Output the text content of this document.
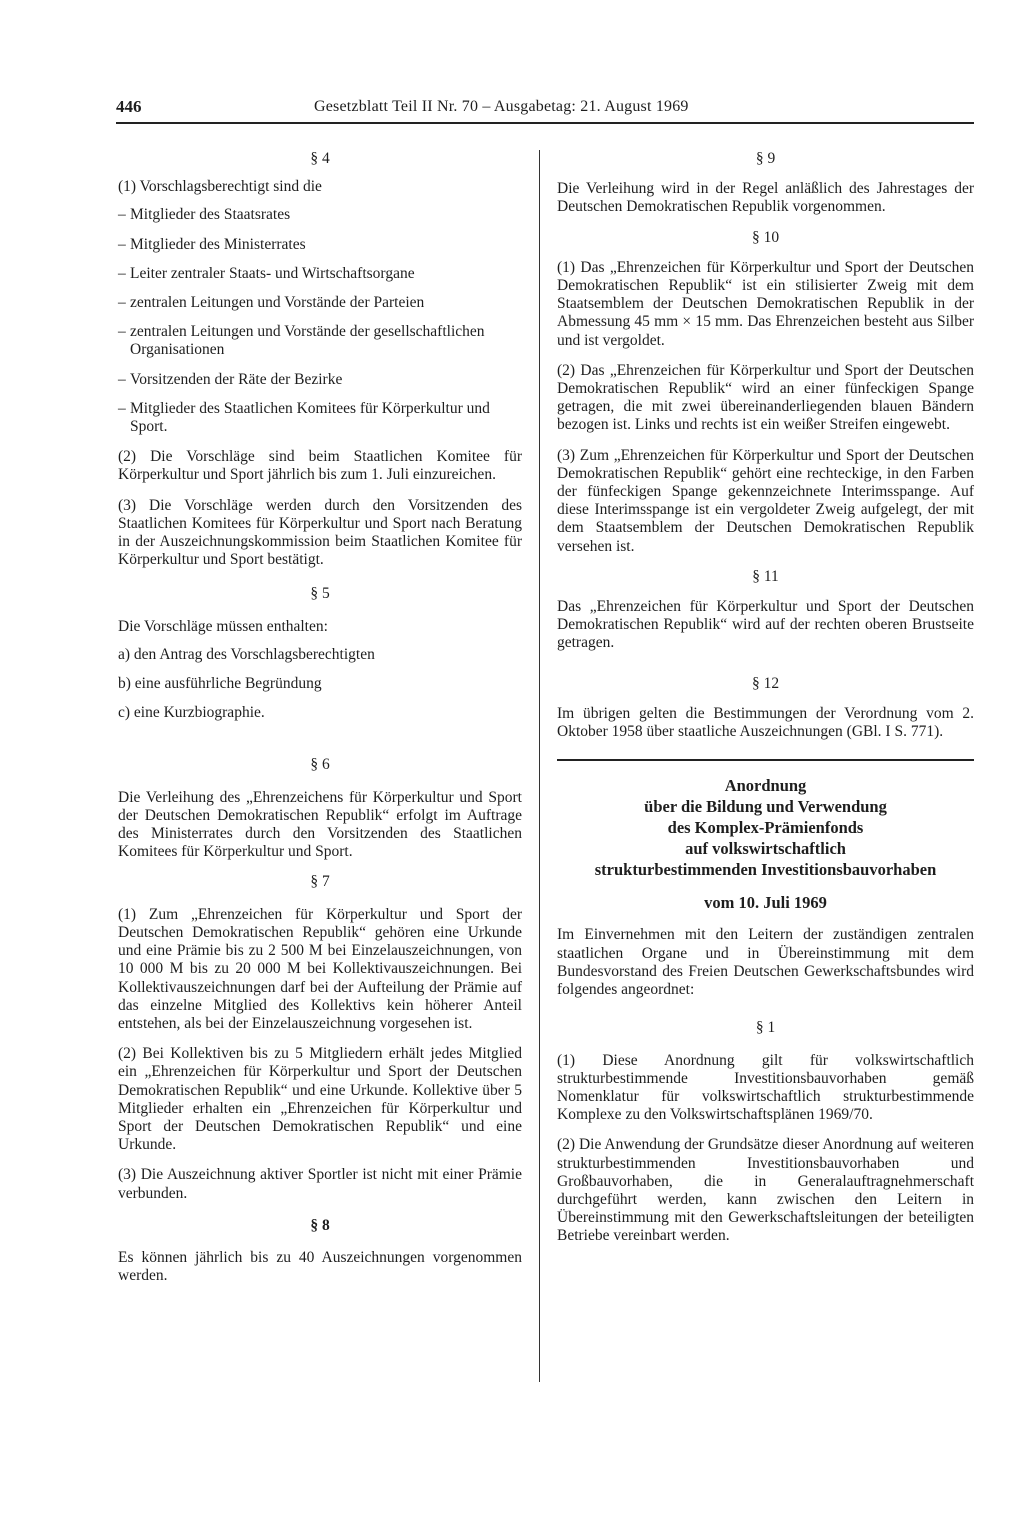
446	Gesetzblatt Teil II Nr. 70 – Ausgabetag: 21. August 1969
§ 4

(1) Vorschlagsberechtigt sind die

– Mitglieder des Staatsrates
– Mitglieder des Ministerrates
– Leiter zentraler Staats- und Wirtschaftsorgane
– zentralen Leitungen und Vorstände der Parteien
– zentralen Leitungen und Vorstände der gesellschaftlichen Organisationen
– Vorsitzenden der Räte der Bezirke
– Mitglieder des Staatlichen Komitees für Körperkultur und Sport.

(2) Die Vorschläge sind beim Staatlichen Komitee für Körperkultur und Sport jährlich bis zum 1. Juli einzureichen.

(3) Die Vorschläge werden durch den Vorsitzenden des Staatlichen Komitees für Körperkultur und Sport nach Beratung in der Auszeichnungskommission beim Staatlichen Komitee für Körperkultur und Sport bestätigt.

§ 5

Die Vorschläge müssen enthalten:

a) den Antrag des Vorschlagsberechtigten
b) eine ausführliche Begründung
c) eine Kurzbiographie.
§ 6

Die Verleihung des „Ehrenzeichens für Körperkultur und Sport der Deutschen Demokratischen Republik“ erfolgt im Auftrage des Ministerrates durch den Vorsitzenden des Staatlichen Komitees für Körperkultur und Sport.

§ 7

(1) Zum „Ehrenzeichen für Körperkultur und Sport der Deutschen Demokratischen Republik“ gehören eine Urkunde und eine Prämie bis zu 2 500 M bei Einzelauszeichnungen, von 10 000 M bis zu 20 000 M bei Kollektivauszeichnungen. Bei Kollektivauszeichnungen darf bei der Aufteilung der Prämie auf das einzelne Mitglied des Kollektivs kein höherer Anteil entstehen, als bei der Einzelauszeichnung vorgesehen ist.

(2) Bei Kollektiven bis zu 5 Mitgliedern erhält jedes Mitglied ein „Ehrenzeichen für Körperkultur und Sport der Deutschen Demokratischen Republik“ und eine Urkunde. Kollektive über 5 Mitglieder erhalten ein „Ehrenzeichen für Körperkultur und Sport der Deutschen Demokratischen Republik“ und eine Urkunde.

(3) Die Auszeichnung aktiver Sportler ist nicht mit einer Prämie verbunden.

§ 8

Es können jährlich bis zu 40 Auszeichnungen vorgenommen werden.

§ 9

Die Verleihung wird in der Regel anläßlich des Jahrestages der Deutschen Demokratischen Republik vorgenommen.

§ 10

(1) Das „Ehrenzeichen für Körperkultur und Sport der Deutschen Demokratischen Republik“ ist ein stilisierter Zweig mit dem Staatsemblem der Deutschen Demokratischen Republik in der Abmessung 45 mm × 15 mm. Das Ehrenzeichen besteht aus Silber und ist vergoldet.

(2) Das „Ehrenzeichen für Körperkultur und Sport der Deutschen Demokratischen Republik“ wird an einer fünfeckigen Spange getragen, die mit zwei übereinanderliegenden blauen Bändern bezogen ist. Links und rechts ist ein weißer Streifen eingewebt.

(3) Zum „Ehrenzeichen für Körperkultur und Sport der Deutschen Demokratischen Republik“ gehört eine rechteckige, in den Farben der fünfeckigen Spange gekennzeichnete Interimsspange. Auf diese Interimsspange ist ein vergoldeter Zweig aufgelegt, der mit dem Staatsemblem der Deutschen Demokratischen Republik versehen ist.

§ 11

Das „Ehrenzeichen für Körperkultur und Sport der Deutschen Demokratischen Republik“ wird auf der rechten oberen Brustseite getragen.

§ 12

Im übrigen gelten die Bestimmungen der Verordnung vom 2. Oktober 1958 über staatliche Auszeichnungen (GBl. I S. 771).

Anordnung
über die Bildung und Verwendung
des Komplex-Prämienfonds
auf volkswirtschaftlich
strukturbestimmenden Investitionsbauvorhaben
vom 10. Juli 1969

Im Einvernehmen mit den Leitern der zuständigen zentralen staatlichen Organe und in Übereinstimmung mit dem Bundesvorstand des Freien Deutschen Gewerkschaftsbundes wird folgendes angeordnet:

§ 1

(1) Diese Anordnung gilt für volkswirtschaftlich strukturbestimmende Investitionsbauvorhaben gemäß Nomenklatur für volkswirtschaftlich strukturbestimmende Komplexe zu den Volkswirtschaftsplänen 1969/70.

(2) Die Anwendung der Grundsätze dieser Anordnung auf weiteren strukturbestimmenden Investitionsbauvorhaben und Großbauvorhaben, die in Generalauftragnehmerschaft durchgeführt werden, kann zwischen den Leitern in Übereinstimmung mit den Gewerkschaftsleitungen der beteiligten Betriebe vereinbart werden.
